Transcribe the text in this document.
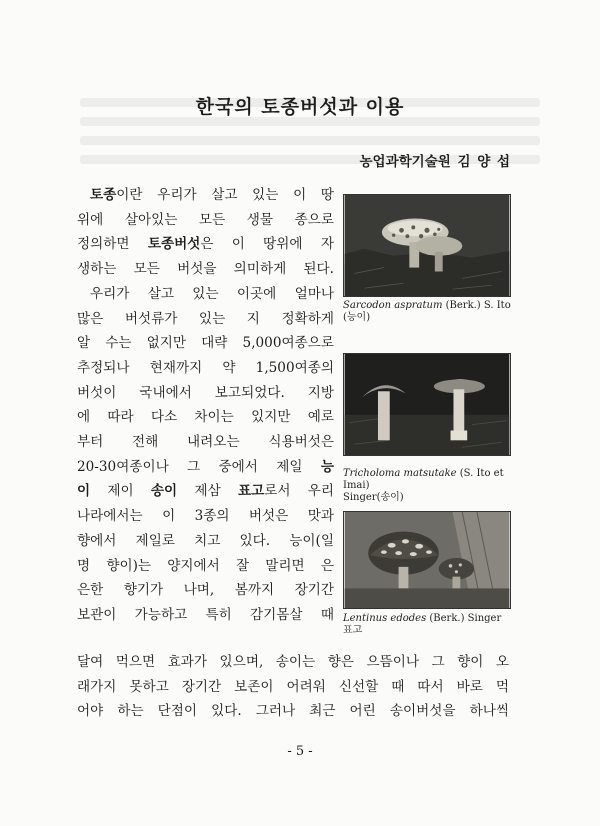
한국의 토종버섯과 이용
농업과학기술원 김 양 섭
토종이란 우리가 살고 있는 이 땅
위에 살아있는 모든 생물 종으로
정의하면 토종버섯은 이 땅위에 자
생하는 모든 버섯을 의미하게 된다.
우리가 살고 있는 이곳에 얼마나
많은 버섯류가 있는 지 정확하게
알 수는 없지만 대략 5,000여종으로
추정되나 현재까지 약 1,500여종의
버섯이 국내에서 보고되었다. 지방
에 따라 다소 차이는 있지만 예로
부터 전해 내려오는 식용버섯은
20-30여종이나 그 중에서 제일 능
이 제이 송이 제삼 표고로서 우리
나라에서는 이 3종의 버섯은 맛과
향에서 제일로 치고 있다. 능이(일
명 향이)는 양지에서 잘 말리면 은
은한 향기가 나며, 봄까지 장기간
보관이 가능하고 특히 감기몸살 때
Sarcodon aspratum (Berk.) S. Ito
(능이)
Tricholoma matsutake (S. Ito et Imai)
Singer(송이)
Lentinus edodes (Berk.) Singer
표고
달여 먹으면 효과가 있으며, 송이는 향은 으뜸이나 그 향이 오
래가지 못하고 장기간 보존이 어려워 신선할 때 따서 바로 먹
어야 하는 단점이 있다. 그러나 최근 어린 송이버섯을 하나씩
- 5 -
